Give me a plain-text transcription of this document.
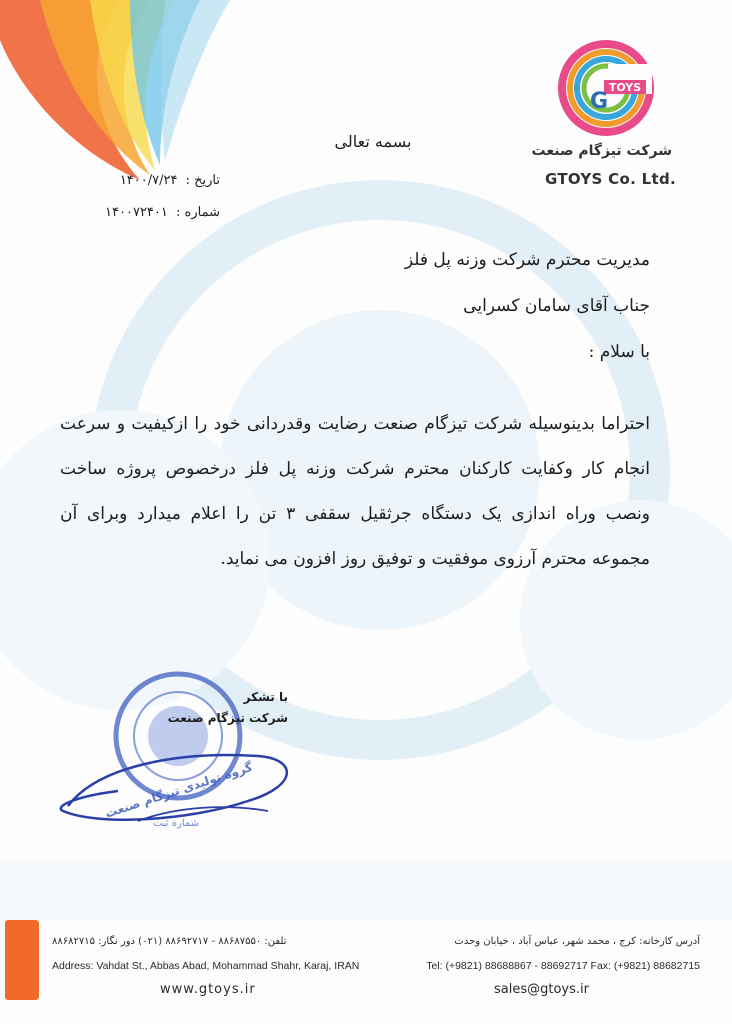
TOYS
G
شرکت تیزگام صنعت
GTOYS Co. Ltd.
بسمه تعالی
تاریخ : ۱۴۰۰/۷/۲۴
شماره : ۱۴۰۰۷۲۴۰۱
مدیریت محترم شرکت وزنه پل فلز
جناب آقای سامان کسرایی
با سلام :
احتراما بدینوسیله شرکت تیزگام صنعت رضایت وقدردانی خود را ازکیفیت و سرعت انجام کار وکفایت کارکنان محترم شرکت وزنه پل فلز درخصوص پروژه ساخت ونصب وراه اندازی یک دستگاه جرثقیل سقفی ۳ تن را اعلام میدارد وبرای آن مجموعه محترم آرزوی موفقیت و توفیق روز افزون می نماید.
گروه تولیدی تیزگام صنعت
شماره ثبت
با تشکر
شرکت تیزگام صنعت
آدرس کارخانه: کرج ، محمد شهر، عباس آباد ، خیابان وحدت
تلفن: ۸۸۶۸۷۵۵۰ - ۸۸۶۹۲۷۱۷ (۰۲۱) دور نگار: ۸۸۶۸۲۷۱۵
Address: Vahdat St., Abbas Abad, Mohammad Shahr, Karaj, IRAN	Tel: (+9821) 88688867 - 88692717 Fax: (+9821) 88682715
www.gtoys.ir	sales@gtoys.ir
